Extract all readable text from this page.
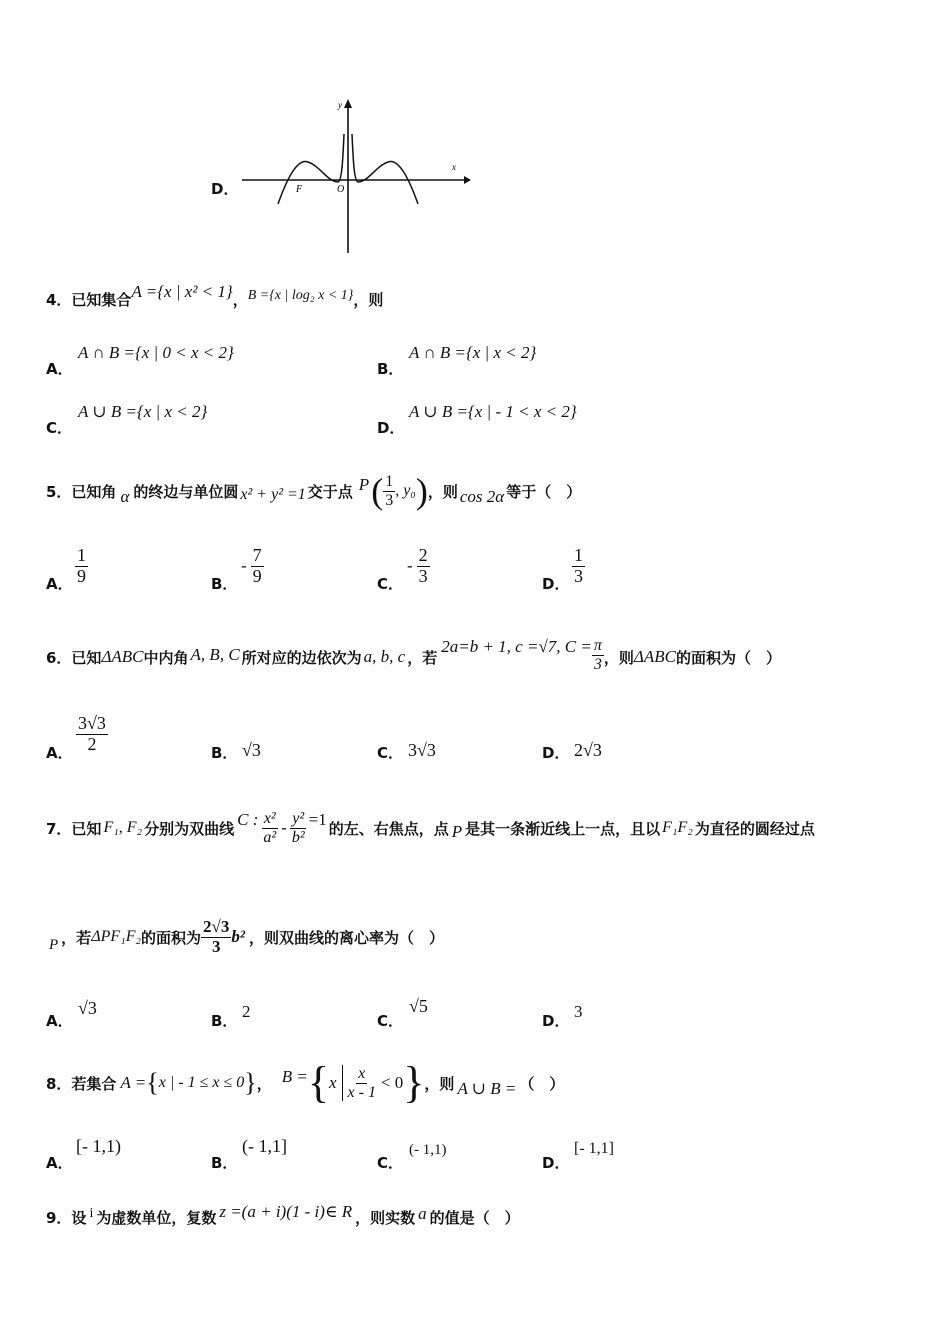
D．
y
x
O
F
4．已知集合A ={x | x² < 1}，B ={x | log₂ x < 1}，则
A．
A ∩ B ={x | 0 < x < 2}
B．
A ∩ B ={x | x < 2}
C．
A ∪ B ={x | x < 2}
D．
A ∪ B ={x | - 1 < x < 2}
5．已知角 α 的终边与单位圆 x² + y² =1 交于点 P ( $\frac{1}{3}$ , y₀ ) ，则 cos 2α 等于（　）
A． $\frac{1}{9}$	B．
- $\frac{7}{9}$	C．
- $\frac{2}{3}$	D． $\frac{1}{3}$
6．已知 ΔABC 中内角 A, B, C 所对应的边依次为 a, b, c ，若
2a=b + 1, c =√7, $C = \frac{\pi}{3}$ ，则 ΔABC 的面积为（　）
A． $\frac{3√3}{2}$	B． √3	C． 3√3	D． 2√3
7．已知 F₁, F₂ 分别为双曲线 C : $\frac{\text{x²}}{\text{a²}} - \frac{\text{y²}}{\text{b²}} =1$ 的左、右焦点，点 P 是其一条渐近线上一点，且以 F₁F₂ 为直径的圆经过点
P ，若 ΔPF₁F₂ 的面积为 $\frac{2√3}{3} b^2$ ，则双曲线的离心率为（　）
A．
√3
B． 2	C．
√5
D． 3
8．若集合 A = { x | - 1 ≤ x ≤ 0 } ， B = { x $\frac{x}{x - 1} < 0$ } ，则 A ∪ B = （　）
A．
[- 1,1)
B．
(- 1,1]
C．
(- 1,1)
D．
[- 1,1]
9．设 i 为虚数单位，复数 z =(a + i)(1 - i)∈ R ，则实数 a 的值是（　）
